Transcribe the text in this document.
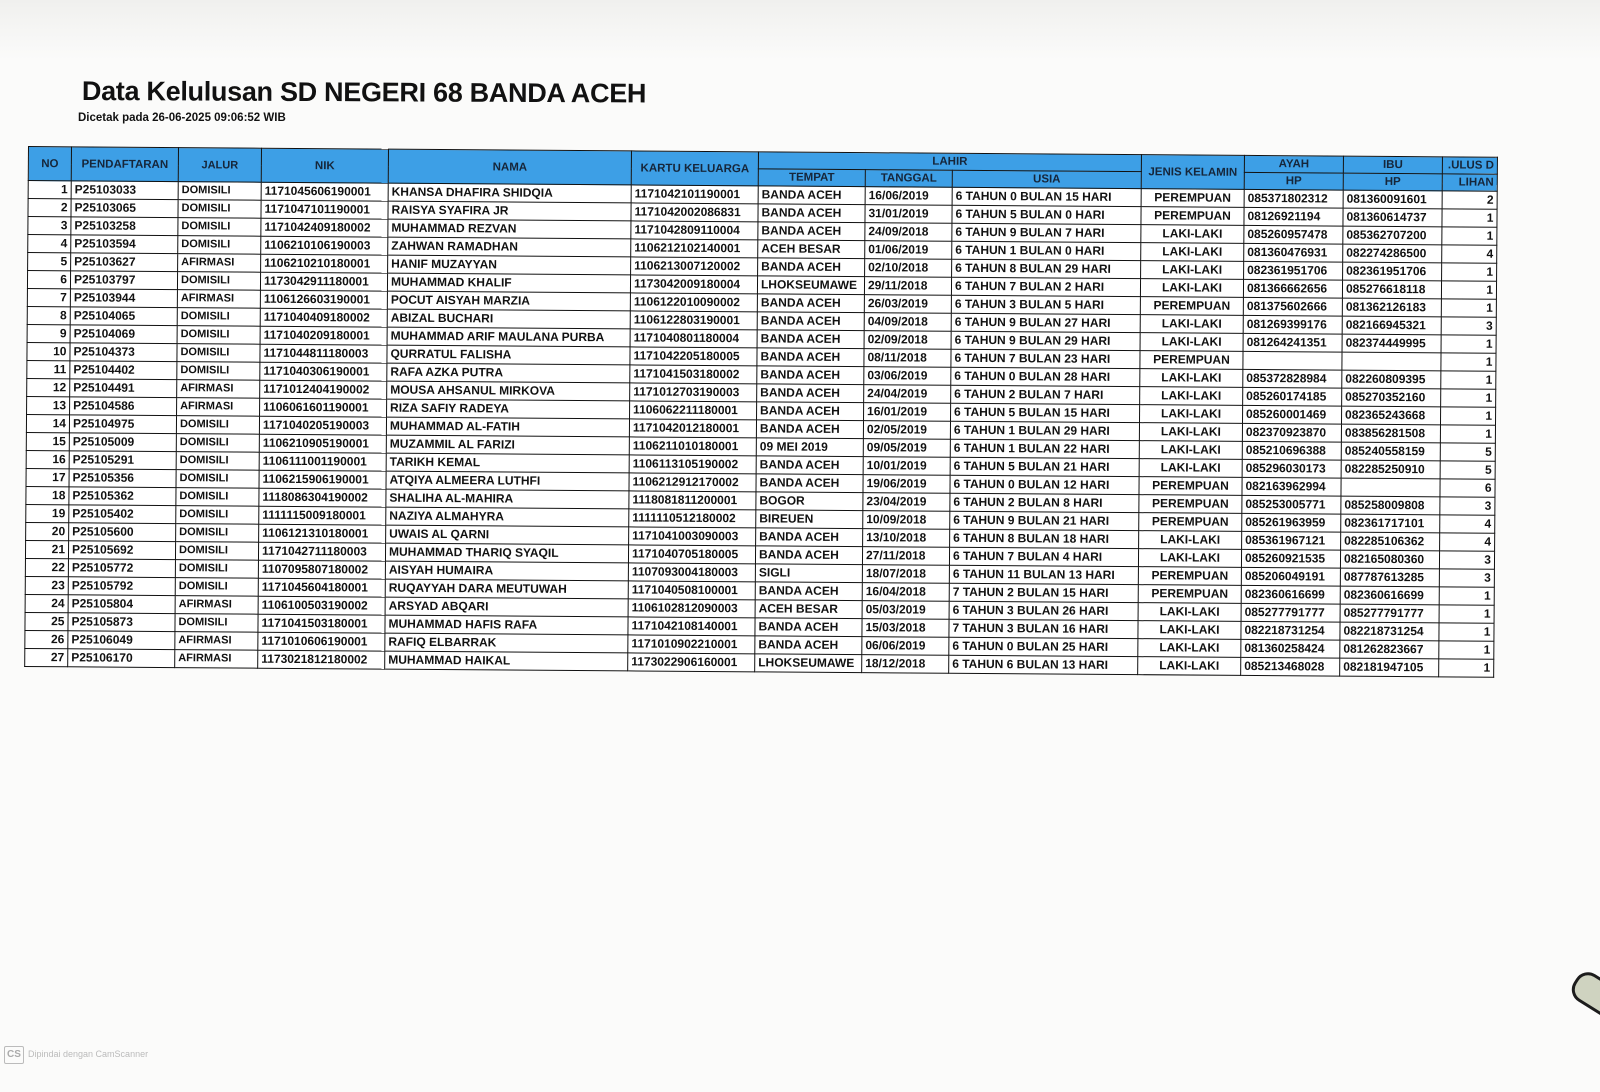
Data Kelulusan SD NEGERI 68 BANDA ACEH
Dicetak pada 26-06-2025 09:06:52 WIB
NO	PENDAFTARAN	JALUR	NIK	NAMA	KARTU KELUARGA	LAHIR			JENIS KELAMIN	AYAH	IBU	.ULUS D

						TEMPAT	TANGGAL	USIA		HP	HP	LIHAN

1	P25103033	DOMISILI	1171045606190001	KHANSA DHAFIRA SHIDQIA	1171042101190001	BANDA ACEH	16/06/2019	6 TAHUN 0 BULAN 15 HARI	PEREMPUAN	085371802312	081360091601	2
2	P25103065	DOMISILI	1171047101190001	RAISYA SYAFIRA JR	1171042002086831	BANDA ACEH	31/01/2019	6 TAHUN 5 BULAN 0 HARI	PEREMPUAN	08126921194	081360614737	1
3	P25103258	DOMISILI	1171042409180002	MUHAMMAD REZVAN	1171042809110004	BANDA ACEH	24/09/2018	6 TAHUN 9 BULAN 7 HARI	LAKI-LAKI	085260957478	085362707200	1
4	P25103594	DOMISILI	1106210106190003	ZAHWAN RAMADHAN	1106212102140001	ACEH BESAR	01/06/2019	6 TAHUN 1 BULAN 0 HARI	LAKI-LAKI	081360476931	082274286500	4
5	P25103627	AFIRMASI	1106210210180001	HANIF MUZAYYAN	1106213007120002	BANDA ACEH	02/10/2018	6 TAHUN 8 BULAN 29 HARI	LAKI-LAKI	082361951706	082361951706	1
6	P25103797	DOMISILI	1173042911180001	MUHAMMAD KHALIF	1173042009180004	LHOKSEUMAWE	29/11/2018	6 TAHUN 7 BULAN 2 HARI	LAKI-LAKI	081366662656	085276618118	1
7	P25103944	AFIRMASI	1106126603190001	POCUT AISYAH MARZIA	1106122010090002	BANDA ACEH	26/03/2019	6 TAHUN 3 BULAN 5 HARI	PEREMPUAN	081375602666	081362126183	1
8	P25104065	DOMISILI	1171040409180002	ABIZAL BUCHARI	1106122803190001	BANDA ACEH	04/09/2018	6 TAHUN 9 BULAN 27 HARI	LAKI-LAKI	081269399176	082166945321	3
9	P25104069	DOMISILI	1171040209180001	MUHAMMAD ARIF MAULANA PURBA	1171040801180004	BANDA ACEH	02/09/2018	6 TAHUN 9 BULAN 29 HARI	LAKI-LAKI	081264241351	082374449995	1
10	P25104373	DOMISILI	1171044811180003	QURRATUL FALISHA	1171042205180005	BANDA ACEH	08/11/2018	6 TAHUN 7 BULAN 23 HARI	PEREMPUAN			1
11	P25104402	DOMISILI	1171040306190001	RAFA AZKA PUTRA	1171041503180002	BANDA ACEH	03/06/2019	6 TAHUN 0 BULAN 28 HARI	LAKI-LAKI	085372828984	082260809395	1
12	P25104491	AFIRMASI	1171012404190002	MOUSA AHSANUL MIRKOVA	1171012703190003	BANDA ACEH	24/04/2019	6 TAHUN 2 BULAN 7 HARI	LAKI-LAKI	085260174185	085270352160	1
13	P25104586	AFIRMASI	1106061601190001	RIZA SAFIY RADEYA	1106062211180001	BANDA ACEH	16/01/2019	6 TAHUN 5 BULAN 15 HARI	LAKI-LAKI	085260001469	082365243668	1
14	P25104975	DOMISILI	1171040205190003	MUHAMMAD AL-FATIH	1171042012180001	BANDA ACEH	02/05/2019	6 TAHUN 1 BULAN 29 HARI	LAKI-LAKI	082370923870	083856281508	1
15	P25105009	DOMISILI	1106210905190001	MUZAMMIL AL FARIZI	1106211010180001	09 MEI 2019	09/05/2019	6 TAHUN 1 BULAN 22 HARI	LAKI-LAKI	085210696388	085240558159	5
16	P25105291	DOMISILI	1106111001190001	TARIKH KEMAL	1106113105190002	BANDA ACEH	10/01/2019	6 TAHUN 5 BULAN 21 HARI	LAKI-LAKI	085296030173	082285250910	5
17	P25105356	DOMISILI	1106215906190001	ATQIYA ALMEERA LUTHFI	1106212912170002	BANDA ACEH	19/06/2019	6 TAHUN 0 BULAN 12 HARI	PEREMPUAN	082163962994		6
18	P25105362	DOMISILI	1118086304190002	SHALIHA AL-MAHIRA	1118081811200001	BOGOR	23/04/2019	6 TAHUN 2 BULAN 8 HARI	PEREMPUAN	085253005771	085258009808	3
19	P25105402	DOMISILI	1111115009180001	NAZIYA ALMAHYRA	1111110512180002	BIREUEN	10/09/2018	6 TAHUN 9 BULAN 21 HARI	PEREMPUAN	085261963959	082361717101	4
20	P25105600	DOMISILI	1106121310180001	UWAIS AL QARNI	1171041003090003	BANDA ACEH	13/10/2018	6 TAHUN 8 BULAN 18 HARI	LAKI-LAKI	085361967121	082285106362	4
21	P25105692	DOMISILI	1171042711180003	MUHAMMAD THARIQ SYAQIL	1171040705180005	BANDA ACEH	27/11/2018	6 TAHUN 7 BULAN 4 HARI	LAKI-LAKI	085260921535	082165080360	3
22	P25105772	DOMISILI	1107095807180002	AISYAH HUMAIRA	1107093004180003	SIGLI	18/07/2018	6 TAHUN 11 BULAN 13 HARI	PEREMPUAN	085206049191	087787613285	3
23	P25105792	DOMISILI	1171045604180001	RUQAYYAH DARA MEUTUWAH	1171040508100001	BANDA ACEH	16/04/2018	7 TAHUN 2 BULAN 15 HARI	PEREMPUAN	082360616699	082360616699	1
24	P25105804	AFIRMASI	1106100503190002	ARSYAD ABQARI	1106102812090003	ACEH BESAR	05/03/2019	6 TAHUN 3 BULAN 26 HARI	LAKI-LAKI	085277791777	085277791777	1
25	P25105873	DOMISILI	1171041503180001	MUHAMMAD HAFIS RAFA	1171042108140001	BANDA ACEH	15/03/2018	7 TAHUN 3 BULAN 16 HARI	LAKI-LAKI	082218731254	082218731254	1
26	P25106049	AFIRMASI	1171010606190001	RAFIQ ELBARRAK	1171010902210001	BANDA ACEH	06/06/2019	6 TAHUN 0 BULAN 25 HARI	LAKI-LAKI	081360258424	081262823667	1
27	P25106170	AFIRMASI	1173021812180002	MUHAMMAD HAIKAL	1173022906160001	LHOKSEUMAWE	18/12/2018	6 TAHUN 6 BULAN 13 HARI	LAKI-LAKI	085213468028	082181947105	1
CS Dipindai dengan CamScanner
